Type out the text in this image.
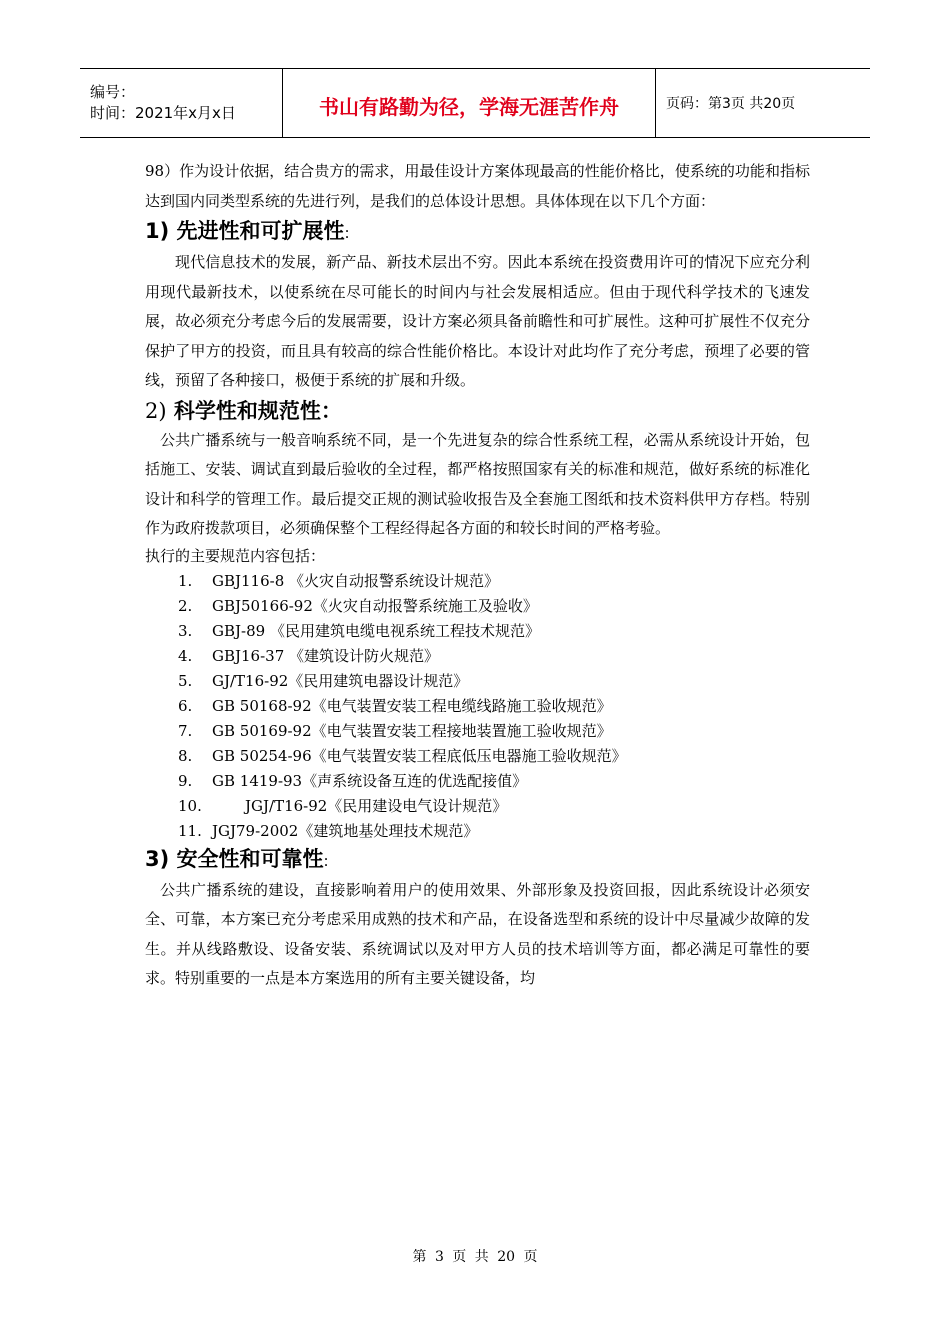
编号：
时间：2021年x月x日	书山有路勤为径，学海无涯苦作舟	页码：第3页 共20页

98）作为设计依据，结合贵方的需求，用最佳设计方案体现最高的性能价格比，使系统的功能和指标达到国内同类型系统的先进行列，是我们的总体设计思想。具体体现在以下几个方面：

1) 先进性和可扩展性:

现代信息技术的发展，新产品、新技术层出不穷。因此本系统在投资费用许可的情况下应充分利用现代最新技术，以使系统在尽可能长的时间内与社会发展相适应。但由于现代科学技术的飞速发展，故必须充分考虑今后的发展需要，设计方案必须具备前瞻性和可扩展性。这种可扩展性不仅充分保护了甲方的投资，而且具有较高的综合性能价格比。本设计对此均作了充分考虑，预埋了必要的管线，预留了各种接口，极便于系统的扩展和升级。

2) 科学性和规范性：

公共广播系统与一般音响系统不同，是一个先进复杂的综合性系统工程，必需从系统设计开始，包括施工、安装、调试直到最后验收的全过程，都严格按照国家有关的标准和规范，做好系统的标准化设计和科学的管理工作。最后提交正规的测试验收报告及全套施工图纸和技术资料供甲方存档。特别作为政府拨款项目，必须确保整个工程经得起各方面的和较长时间的严格考验。

执行的主要规范内容包括：

1.	GBJ116-8 《火灾自动报警系统设计规范》
2.	GBJ50166-92《火灾自动报警系统施工及验收》
3.	GBJ-89 《民用建筑电缆电视系统工程技术规范》
4.	GBJ16-37 《建筑设计防火规范》
5.	GJ/T16-92《民用建筑电器设计规范》
6.	GB 50168-92《电气装置安装工程电缆线路施工验收规范》
7.	GB 50169-92《电气装置安装工程接地装置施工验收规范》
8.	GB 50254-96《电气装置安装工程底低压电器施工验收规范》
9.	GB 1419-93《声系统设备互连的优选配接值》
10.	JGJ/T16-92《民用建设电气设计规范》
11. JGJ79-2002《建筑地基处理技术规范》
3) 安全性和可靠性:

公共广播系统的建设，直接影响着用户的使用效果、外部形象及投资回报，因此系统设计必须安全、可靠，本方案已充分考虑采用成熟的技术和产品，在设备选型和系统的设计中尽量减少故障的发生。并从线路敷设、设备安装、系统调试以及对甲方人员的技术培训等方面，都必满足可靠性的要求。特别重要的一点是本方案选用的所有主要关键设备，均

第 3 页 共 20 页
